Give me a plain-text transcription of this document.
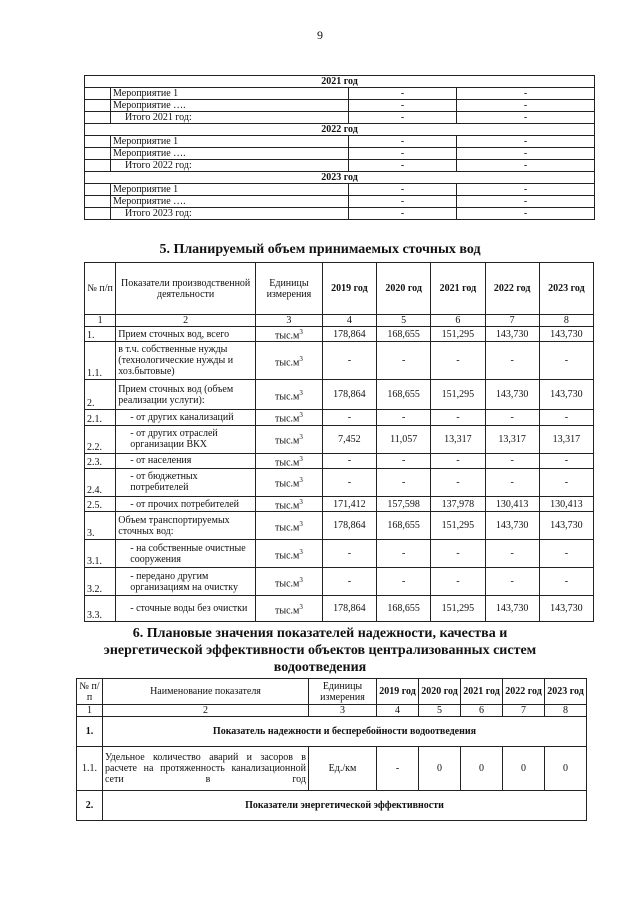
9
2021 год			
	Мероприятие 1	-	-
	Мероприятие ….	-	-
	Итого 2021 год:	-	-
2022 год			
	Мероприятие 1	-	-
	Мероприятие ….	-	-
	Итого 2022 год:	-	-
2023 год			
	Мероприятие 1	-	-
	Мероприятие ….	-	-
	Итого 2023 год:	-	-
5. Планируемый объем принимаемых сточных вод
№ п/п	Показатели производственной деятельности	Единицы измерения	2019 год	2020 год	2021 год	2022 год	2023 год
1	2	3	4	5	6	7	8
1.	Прием сточных вод, всего	$тыс.м^3$	178,864	168,655	151,295	143,730	143,730
1.1.	в т.ч. собственные нужды (технологические нужды и хоз.бытовые)	$тыс.м^3$	-	-	-	-	-
2.	Прием сточных вод (объем реализации услуги):	$тыс.м^3$	178,864	168,655	151,295	143,730	143,730
2.1.	- от других канализаций	$тыс.м^3$	-	-	-	-	-
2.2.	- от других отраслей организации ВКХ	$тыс.м^3$	7,452	11,057	13,317	13,317	13,317
2.3.	- от населения	$тыс.м^3$	-	-	-	-	-
2.4.	- от бюджетных потребителей	$тыс.м^3$	-	-	-	-	-
2.5.	- от прочих потребителей	$тыс.м^3$	171,412	157,598	137,978	130,413	130,413
3.	Объем транспортируемых сточных вод:	$тыс.м^3$	178,864	168,655	151,295	143,730	143,730
3.1.	- на собственные очистные сооружения	$тыс.м^3$	-	-	-	-	-
3.2.	- передано другим организациям на очистку	$тыс.м^3$	-	-	-	-	-
3.3.	- сточные воды без очистки	$тыс.м^3$	178,864	168,655	151,295	143,730	143,730
6. Плановые значения показателей надежности, качества и
энергетической эффективности объектов централизованных систем
водоотведения
№ п/п	Наименование показателя	Единицы измерения	2019 год	2020 год	2021 год	2022 год	2023 год
1	2	3	4	5	6	7	8
1.	Показатель надежности и бесперебойности водоотведения						
1.1.	Удельное количество аварий и засоров в расчете на протяженность канализационной сети в год	Ед./км	-	0	0	0	0
2.	Показатели энергетической эффективности						
